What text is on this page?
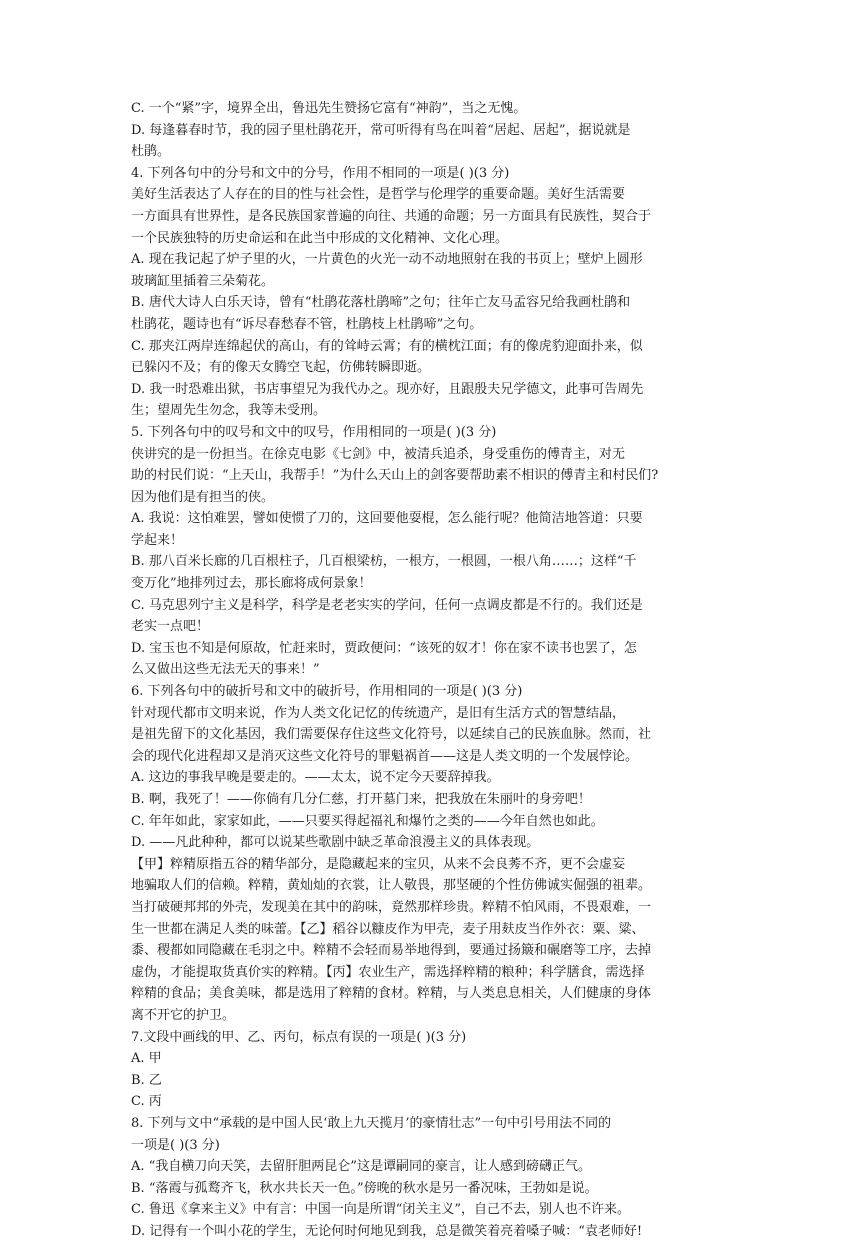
C. 一个“紧”字，境界全出，鲁迅先生赞扬它富有“神韵”，当之无愧。
D. 每逢暮春时节，我的园子里杜鹃花开，常可听得有鸟在叫着“居起、居起”，据说就是
杜鹃。
4. 下列各句中的分号和文中的分号，作用不相同的一项是( )(3 分)
美好生活表达了人存在的目的性与社会性，是哲学与伦理学的重要命题。美好生活需要
一方面具有世界性，是各民族国家普遍的向往、共通的命题；另一方面具有民族性，契合于
一个民族独特的历史命运和在此当中形成的文化精神、文化心理。
A. 现在我记起了炉子里的火，一片黄色的火光一动不动地照射在我的书页上；壁炉上圆形
玻璃缸里插着三朵菊花。
B. 唐代大诗人白乐天诗，曾有“杜鹃花落杜鹃啼”之句；往年亡友马孟容兄给我画杜鹃和
杜鹃花，题诗也有“诉尽春愁春不管，杜鹃枝上杜鹃啼”之句。
C. 那夹江两岸连绵起伏的高山，有的耸峙云霄；有的横枕江面；有的像虎豹迎面扑来，似
已躲闪不及；有的像天女腾空飞起，仿佛转瞬即逝。
D. 我一时恐难出狱，书店事望兄为我代办之。现亦好，且跟殷夫兄学德文，此事可告周先
生；望周先生勿念，我等未受刑。
5. 下列各句中的叹号和文中的叹号，作用相同的一项是( )(3 分)
侠讲究的是一份担当。在徐克电影《七剑》中，被清兵追杀，身受重伤的傅青主，对无
助的村民们说：“上天山，我帮手！”为什么天山上的剑客要帮助素不相识的傅青主和村民们?
因为他们是有担当的侠。
A. 我说：这怕难罢，譬如使惯了刀的，这回要他耍棍，怎么能行呢？他简洁地答道：只要
学起来！
B. 那八百米长廊的几百根柱子，几百根梁枋，一根方，一根圆，一根八角……；这样“千
变万化”地排列过去，那长廊将成何景象！
C. 马克思列宁主义是科学，科学是老老实实的学问，任何一点调皮都是不行的。我们还是
老实一点吧！
D. 宝玉也不知是何原故，忙赶来时，贾政便问：“该死的奴才！你在家不读书也罢了，怎
么又做出这些无法无天的事来！”
6. 下列各句中的破折号和文中的破折号，作用相同的一项是( )(3 分)
针对现代都市文明来说，作为人类文化记忆的传统遗产，是旧有生活方式的智慧结晶，
是祖先留下的文化基因，我们需要保存住这些文化符号，以延续自己的民族血脉。然而，社
会的现代化进程却又是消灭这些文化符号的罪魁祸首——这是人类文明的一个发展悖论。
A. 这边的事我早晚是要走的。——太太，说不定今天要辞掉我。
B. 啊，我死了！——你倘有几分仁慈，打开墓门来，把我放在朱丽叶的身旁吧！
C. 年年如此，家家如此，——只要买得起福礼和爆竹之类的——今年自然也如此。
D. ——凡此种种，都可以说某些歌剧中缺乏革命浪漫主义的具体表现。
【甲】粹精原指五谷的精华部分，是隐藏起来的宝贝，从来不会良莠不齐，更不会虚妄
地骗取人们的信赖。粹精，黄灿灿的衣裳，让人敬畏，那坚硬的个性仿佛诚实倔强的祖辈。
当打破硬邦邦的外壳，发现美在其中的韵味，竟然那样珍贵。粹精不怕风雨，不畏艰难，一
生一世都在满足人类的味蕾。【乙】稻谷以糠皮作为甲壳，麦子用麸皮当作外衣：粟、粱、
黍、稷都如同隐藏在毛羽之中。粹精不会轻而易举地得到，要通过扬簸和碾磨等工序，去掉
虚伪，才能提取货真价实的粹精。【丙】农业生产，需选择粹精的粮种；科学膳食，需选择
粹精的食品；美食美味，都是选用了粹精的食材。粹精，与人类息息相关，人们健康的身体
离不开它的护卫。
7.文段中画线的甲、乙、丙句，标点有误的一项是( )(3 分)
A. 甲
B. 乙
C. 丙
8. 下列与文中“承载的是中国人民‘敢上九天揽月’的豪情壮志”一句中引号用法不同的
一项是( )(3 分)
A. “我自横刀向天笑，去留肝胆两昆仑”这是谭嗣同的豪言，让人感到磅礴正气。
B. “落霞与孤鹜齐飞，秋水共长天一色。”傍晚的秋水是另一番况味，王勃如是说。
C. 鲁迅《拿来主义》中有言：中国一向是所谓“闭关主义”，自己不去，别人也不许来。
D. 记得有一个叫小花的学生，无论何时何地见到我，总是微笑着亮着嗓子喊：“袁老师好!
